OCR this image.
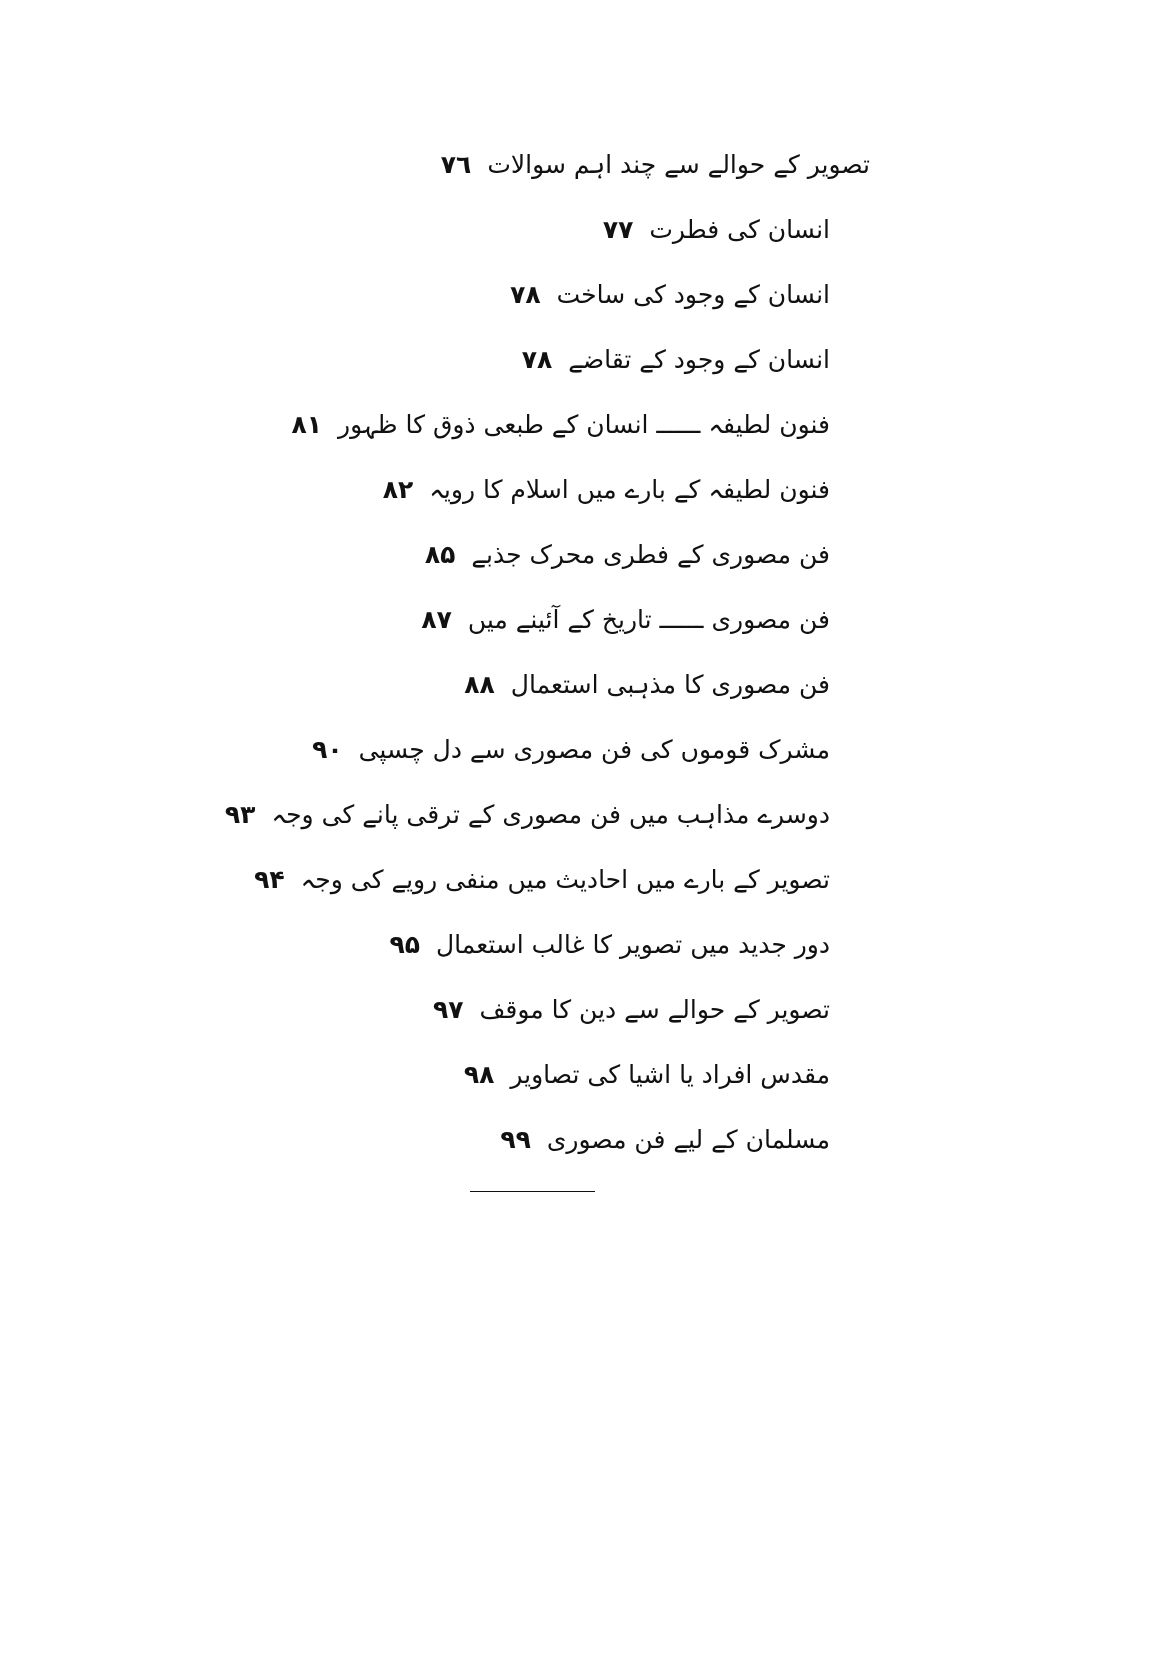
تصویر کے حوالے سے چند اہم سوالات
۷٦
انسان کی فطرت
۷۷
انسان کے وجود کی ساخت
۷۸
انسان کے وجود کے تقاضے
۷۸
فنون لطیفہ ــــــ انسان کے طبعی ذوق کا ظہور
۸۱
فنون لطیفہ کے بارے میں اسلام کا رویہ
۸۲
فن مصوری کے فطری محرک جذبے
۸۵
فن مصوری ــــــ تاریخ کے آئینے میں
۸۷
فن مصوری کا مذہبی استعمال
۸۸
مشرک قوموں کی فن مصوری سے دل چسپی
۹۰
دوسرے مذاہب میں فن مصوری کے ترقی پانے کی وجہ
۹۳
تصویر کے بارے میں احادیث میں منفی رویے کی وجہ
۹۴
دور جدید میں تصویر کا غالب استعمال
۹۵
تصویر کے حوالے سے دین کا موقف
۹۷
مقدس افراد یا اشیا کی تصاویر
۹۸
مسلمان کے لیے فن مصوری
۹۹
